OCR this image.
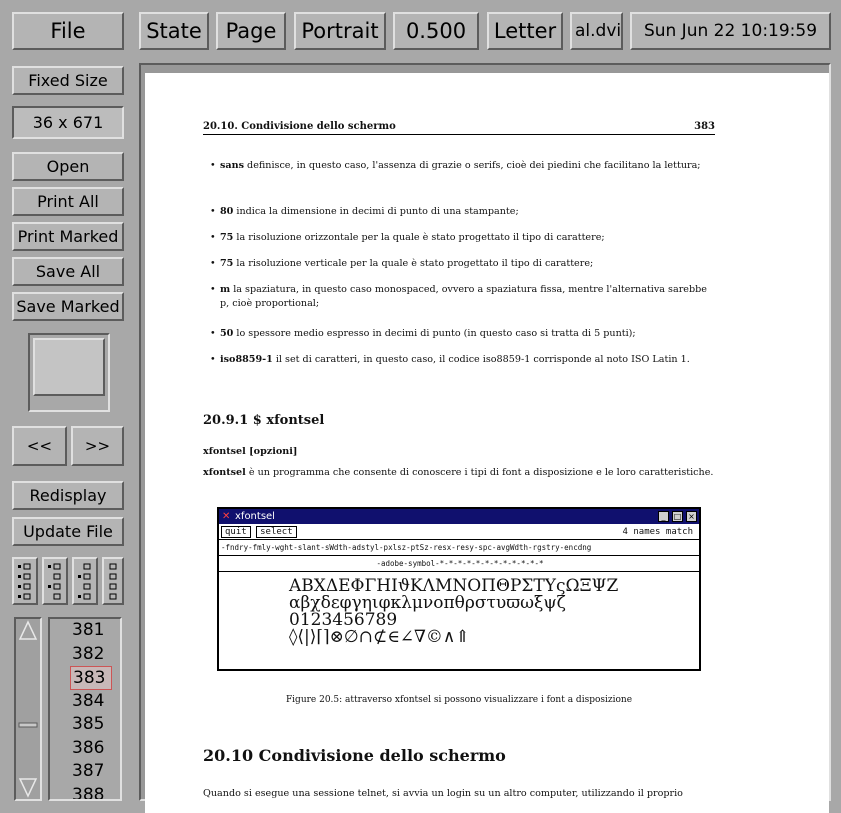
File	State	Page	Portrait	0.500	Letter	al.dvi	Sun Jun 22 10:19:59
Fixed Size
36 x 671
Open
Print All
Print Marked
Save All
Save Marked
<<	>>
Redisplay
Update File
381
382
383
384
385
386
387
388
20.10. Condivisione dello schermo	383
• sans definisce, in questo caso, l'assenza di grazie o serifs, cioè dei piedini che facilitano la lettura;
• 80 indica la dimensione in decimi di punto di una stampante;
• 75 la risoluzione orizzontale per la quale è stato progettato il tipo di carattere;
• 75 la risoluzione verticale per la quale è stato progettato il tipo di carattere;
• m la spaziatura, in questo caso monospaced, ovvero a spaziatura fissa, mentre l'alternativa sarebbe p, cioè proportional;
• 50 lo spessore medio espresso in decimi di punto (in questo caso si tratta di 5 punti);
• iso8859-1 il set di caratteri, in questo caso, il codice iso8859-1 corrisponde al noto ISO Latin 1.
20.9.1 $ xfontsel
xfontsel [opzioni]
xfontsel è un programma che consente di conoscere i tipi di font a disposizione e le loro caratteristiche.
✕ xfontsel	_	□ ×
quit select	4 names match
-fndry-fmly-wght-slant-sWdth-adstyl-pxlsz-ptSz-resx-resy-spc-avgWdth-rgstry-encdng
-adobe-symbol-*-*-*-*-*-*-*-*-*-*-*-*
ΑΒΧΔΕΦΓΗΙϑΚΛΜΝΟΠΘΡΣΤΥςΩΞΨΖ
αβχδεφγηιφκλμνοπθρστυϖωξψζ
0123456789
◊⟨|⟩⌈⌉⊗∅∩⊄∈∠∇©∧⇑
Figure 20.5: attraverso xfontsel si possono visualizzare i font a disposizione
20.10 Condivisione dello schermo
Quando si esegue una sessione telnet, si avvia un login su un altro computer, utilizzando il proprio
